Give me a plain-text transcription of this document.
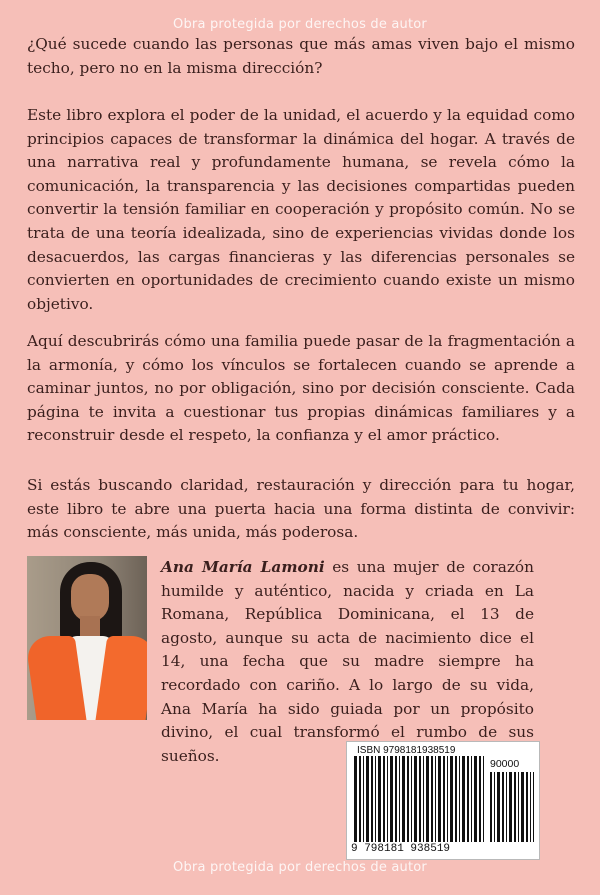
Obra protegida por derechos de autor

¿Qué sucede cuando las personas que más amas viven bajo el mismo techo, pero no en la misma dirección?

Este libro explora el poder de la unidad, el acuerdo y la equidad como principios capaces de transformar la dinámica del hogar. A través de una narrativa real y profundamente humana, se revela cómo la comunicación, la transparencia y las decisiones compartidas pueden convertir la tensión familiar en cooperación y propósito común. No se trata de una teoría idealizada, sino de experiencias vividas donde los desacuerdos, las cargas financieras y las diferencias personales se convierten en oportunidades de crecimiento cuando existe un mismo objetivo.

Aquí descubrirás cómo una familia puede pasar de la fragmentación a la armonía, y cómo los vínculos se fortalecen cuando se aprende a caminar juntos, no por obligación, sino por decisión consciente. Cada página te invita a cuestionar tus propias dinámicas familiares y a reconstruir desde el respeto, la confianza y el amor práctico.

Si estás buscando claridad, restauración y dirección para tu hogar, este libro te abre una puerta hacia una forma distinta de convivir: más consciente, más unida, más poderosa.

Ana María Lamoni es una mujer de corazón humilde y auténtico, nacida y criada en La Romana, República Dominicana, el 13 de agosto, aunque su acta de nacimiento dice el 14, una fecha que su madre siempre ha recordado con cariño. A lo largo de su vida, Ana María ha sido guiada por un propósito divino, el cual transformó el rumbo de sus sueños.	ISBN 9798181938519
90000
9 798181 938519
Obra protegida por derechos de autor
